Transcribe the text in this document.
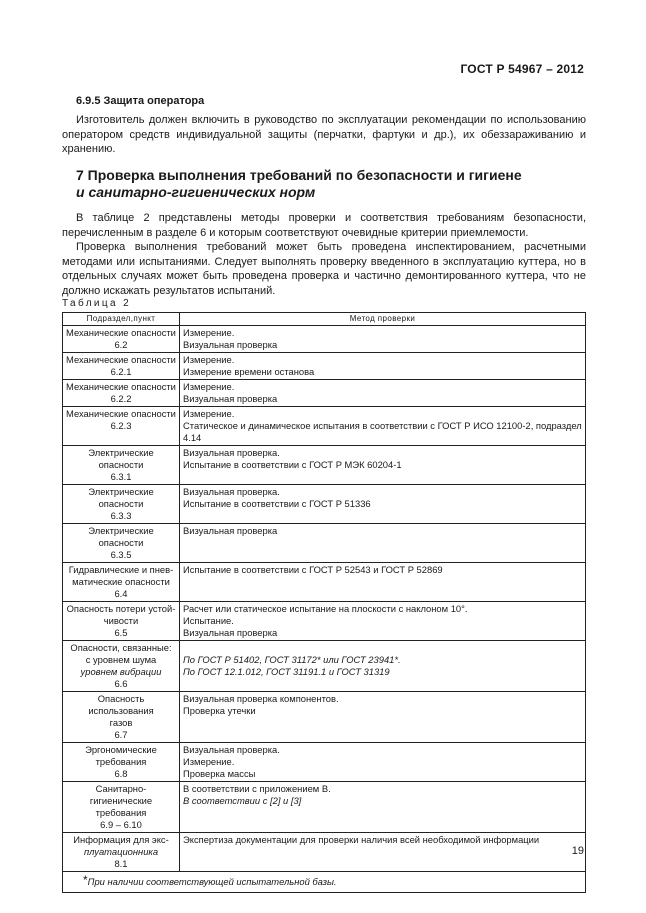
ГОСТ Р 54967 – 2012
6.9.5 Защита оператора

Изготовитель должен включить в руководство по эксплуатации рекомендации по использованию оператором средств индивидуальной защиты (перчатки, фартуки и др.), их обеззараживанию и хранению.

7 Проверка выполнения требований по безопасности и гигиене
и санитарно-гигиенических норм

В таблице 2 представлены методы проверки и соответствия требованиям безопасности, перечисленным в разделе 6 и которым соответствуют очевидные критерии приемлемости.

Проверка выполнения требований может быть проведена инспектированием, расчетными методами или испытаниями. Следует выполнять проверку введенного в эксплуатацию куттера, но в отдельных случаях может быть проведена проверка и частично демонтированного куттера, что не должно искажать результатов испытаний.

Таблица 2
Подраздел,пункт	Метод проверки

Механические опасности
6.2	Измерение.
Визуальная проверка

Механические опасности
6.2.1	Измерение.
Измерение времени останова

Механические опасности
6.2.2	Измерение.
Визуальная проверка

Механические опасности
6.2.3	Измерение.
Статическое и динамическое испытания в соответствии с ГОСТ Р ИСО 12100-2, подраздел 4.14

Электрические опасности
6.3.1	Визуальная проверка.
Испытание в соответствии с ГОСТ Р МЭК 60204-1

Электрические опасности
6.3.3	Визуальная проверка.
Испытание в соответствии с ГОСТ Р 51336

Электрические опасности
6.3.5	Визуальная проверка

Гидравлические и пнев-
матические опасности
6.4	Испытание в соответствии с ГОСТ Р 52543 и ГОСТ Р 52869

Опасность потери устой-
чивости
6.5	Расчет или статическое испытание на плоскости с наклоном 10°.
Испытание.
Визуальная проверка

Опасности, связанные:
с уровнем шума
уровнем вибрации
6.6	По ГОСТ Р 51402, ГОСТ 31172* или ГОСТ 23941*.
По ГОСТ 12.1.012, ГОСТ 31191.1 и ГОСТ 31319

Опасность использования
газов
6.7	Визуальная проверка компонентов.
Проверка утечки

Эргономические
требования
6.8	Визуальная проверка.
Измерение.
Проверка массы

Санитарно-гигиенические
требования
6.9 – 6.10	В соответствии с приложением В.
В соответствии с [2] и [3]

Информация для экс-
плуатационника
8.1	Экспертиза документации для проверки наличия всей необходимой информации

*При наличии соответствующей испытательной базы.	
19
